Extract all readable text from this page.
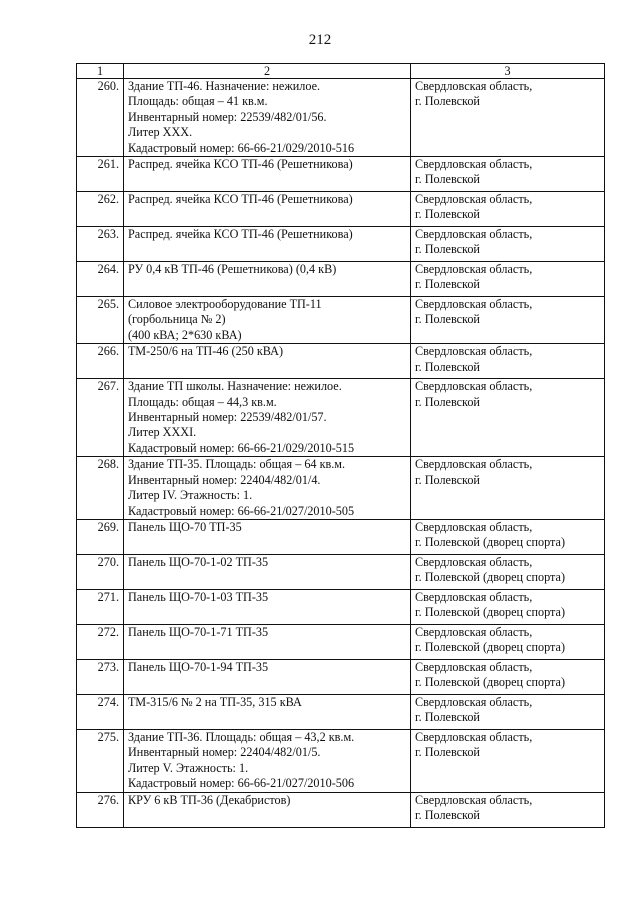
212
1	2	3
260.	Здание ТП-46. Назначение: нежилое.
Площадь: общая – 41 кв.м.
Инвентарный номер: 22539/482/01/56.
Литер XXX.
Кадастровый номер: 66-66-21/029/2010-516	Свердловская область,
г. Полевской

261.	Распред. ячейка КСО ТП-46 (Решетникова)	Свердловская область,
г. Полевской

262.	Распред. ячейка КСО ТП-46 (Решетникова)	Свердловская область,
г. Полевской

263.	Распред. ячейка КСО ТП-46 (Решетникова)	Свердловская область,
г. Полевской

264.	РУ 0,4 кВ ТП-46 (Решетникова) (0,4 кВ)	Свердловская область,
г. Полевской

265.	Силовое электрооборудование ТП-11
(горбольница № 2)
(400 кВА; 2*630 кВА)	Свердловская область,
г. Полевской

266.	ТМ-250/6 на ТП-46 (250 кВА)	Свердловская область,
г. Полевской

267.	Здание ТП школы. Назначение: нежилое.
Площадь: общая – 44,3 кв.м.
Инвентарный номер: 22539/482/01/57.
Литер XXXI.
Кадастровый номер: 66-66-21/029/2010-515	Свердловская область,
г. Полевской

268.	Здание ТП-35. Площадь: общая – 64 кв.м.
Инвентарный номер: 22404/482/01/4.
Литер IV. Этажность: 1.
Кадастровый номер: 66-66-21/027/2010-505	Свердловская область,
г. Полевской

269.	Панель ЩО-70 ТП-35	Свердловская область,
г. Полевской (дворец спорта)

270.	Панель ЩО-70-1-02 ТП-35	Свердловская область,
г. Полевской (дворец спорта)

271.	Панель ЩО-70-1-03 ТП-35	Свердловская область,
г. Полевской (дворец спорта)

272.	Панель ЩО-70-1-71 ТП-35	Свердловская область,
г. Полевской (дворец спорта)

273.	Панель ЩО-70-1-94 ТП-35	Свердловская область,
г. Полевской (дворец спорта)

274.	ТМ-315/6 № 2 на ТП-35, 315 кВА	Свердловская область,
г. Полевской

275.	Здание ТП-36. Площадь: общая – 43,2 кв.м.
Инвентарный номер: 22404/482/01/5.
Литер V. Этажность: 1.
Кадастровый номер: 66-66-21/027/2010-506	Свердловская область,
г. Полевской

276.	КРУ 6 кВ ТП-36 (Декабристов)	Свердловская область,
г. Полевской
